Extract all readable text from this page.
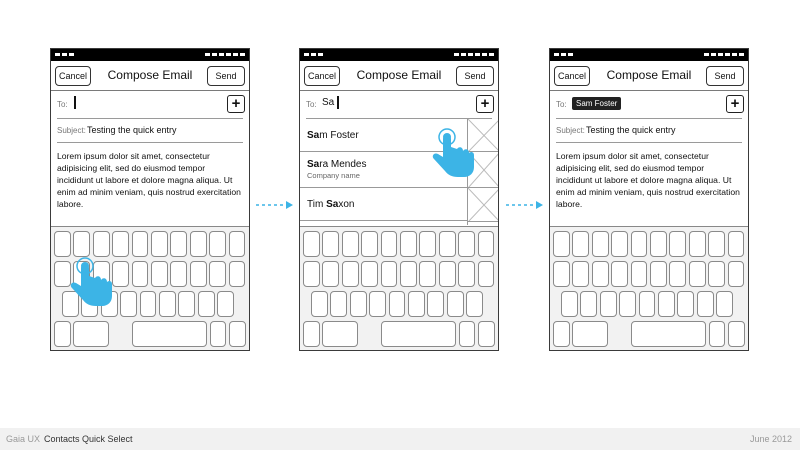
Cancel	Compose Email	Send
To:	+
Subject: Testing the quick entry
Lorem ipsum dolor sit amet, consectetur adipisicing elit, sed do eiusmod tempor incididunt ut labore et dolore magna aliqua. Ut enim ad minim veniam, quis nostrud exercitation labore.
Cancel	Compose Email	Send
To: Sa	+
Sam Foster
Sara Mendes
Company name
Tim Saxon
Cancel	Compose Email	Send
To:	Sam Foster	+
Subject: Testing the quick entry
Lorem ipsum dolor sit amet, consectetur adipisicing elit, sed do eiusmod tempor incididunt ut labore et dolore magna aliqua. Ut enim ad minim veniam, quis nostrud exercitation labore.
Gaia UX Contacts Quick Select	June 2012
